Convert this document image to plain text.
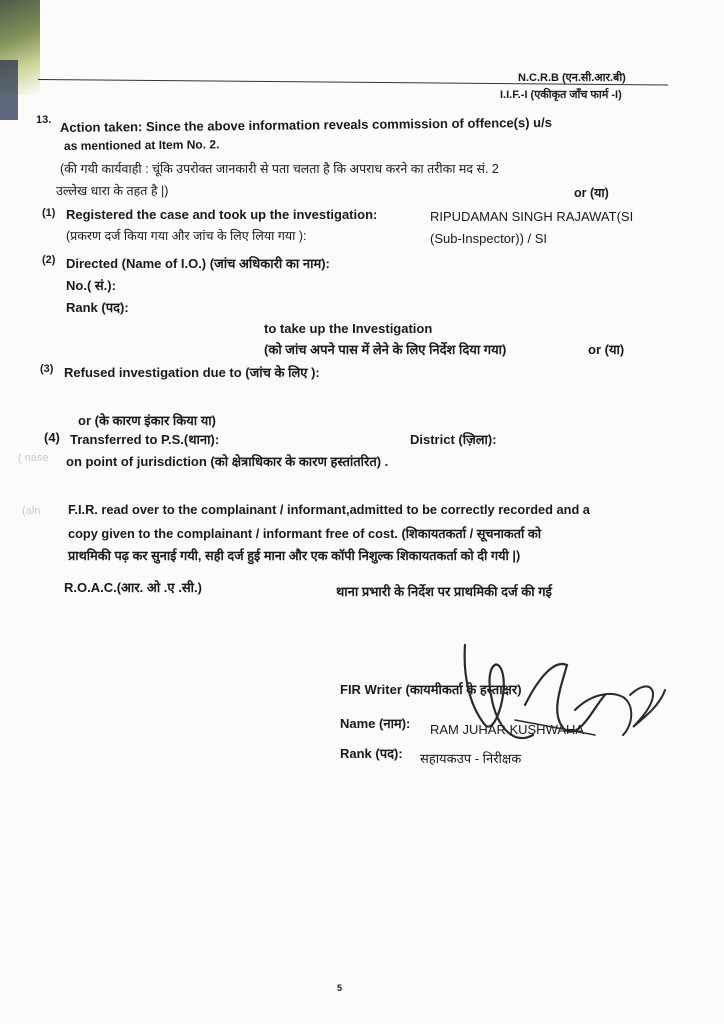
N.C.R.B (एन.सी.आर.बी)
I.I.F.-I (एकीकृत जाँच फार्म -I)
13. Action taken: Since the above information reveals commission of offence(s) u/s
as mentioned at Item No. 2.
(की गयी कार्यवाही : चूंकि उपरोक्त जानकारी से पता चलता है कि अपराध करने का तरीका मद सं. 2
उल्लेख धारा के तहत है |)	or (या)
(1) Registered the case and took up the investigation:
(प्रकरण दर्ज किया गया और जांच के लिए लिया गया ):
RIPUDAMAN SINGH RAJAWAT(SI
(Sub-Inspector)) / SI
(2) Directed (Name of I.O.) (जांच अधिकारी का नाम):
No.( सं.):
Rank (पद):
to take up the Investigation
(को जांच अपने पास में लेने के लिए निर्देश दिया गया)	or (या)
(3) Refused investigation due to (जांच के लिए ):
or (के कारण इंकार किया या)
(4) Transferred to P.S.(थाना):	District (ज़िला):
( nase on point of jurisdiction (को क्षेत्राधिकार के कारण हस्तांतरित) .
(aln F.I.R. read over to the complainant / informant,admitted to be correctly recorded and a
copy given to the complainant / informant free of cost. (शिकायतकर्ता / सूचनाकर्ता को
प्राथमिकी पढ़ कर सुनाई गयी, सही दर्ज हुई माना और एक कॉपी निशुल्क शिकायतकर्ता को दी गयी |)
R.O.A.C.(आर. ओ .ए .सी.)	थाना प्रभारी के निर्देश पर प्राथमिकी दर्ज की गई
FIR Writer (कायमीकर्ता के हस्ताक्षर)
Name (नाम): RAM JUHAR KUSHWAHA
Rank (पद): सहायकउप - निरीक्षक
5
